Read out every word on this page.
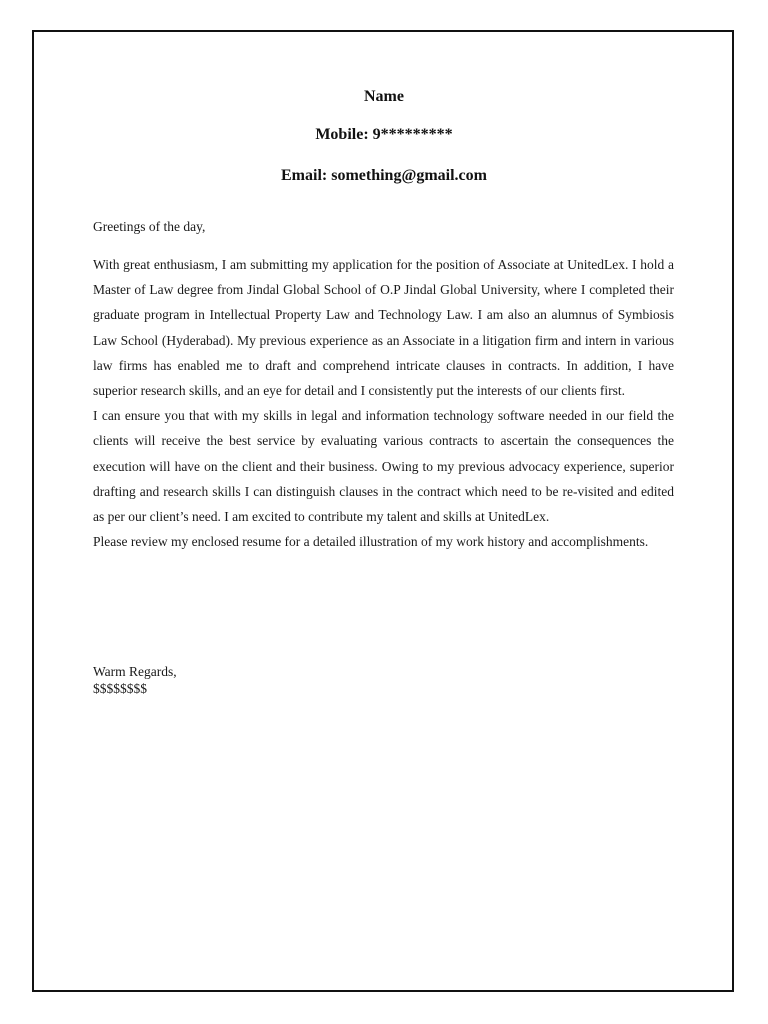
Name
Mobile: 9*********
Email: something@gmail.com
Greetings of the day,

With great enthusiasm, I am submitting my application for the position of Associate at UnitedLex. I hold a Master of Law degree from Jindal Global School of O.P Jindal Global University, where I completed their graduate program in Intellectual Property Law and Technology Law. I am also an alumnus of Symbiosis Law School (Hyderabad). My previous experience as an Associate in a litigation firm and intern in various law firms has enabled me to draft and comprehend intricate clauses in contracts. In addition, I have superior research skills, and an eye for detail and I consistently put the interests of our clients first.

I can ensure you that with my skills in legal and information technology software needed in our field the clients will receive the best service by evaluating various contracts to ascertain the consequences the execution will have on the client and their business. Owing to my previous advocacy experience, superior drafting and research skills I can distinguish clauses in the contract which need to be re-visited and edited as per our client’s need. I am excited to contribute my talent and skills at UnitedLex.

Please review my enclosed resume for a detailed illustration of my work history and accomplishments.

Warm Regards,
$$$$$$$$
